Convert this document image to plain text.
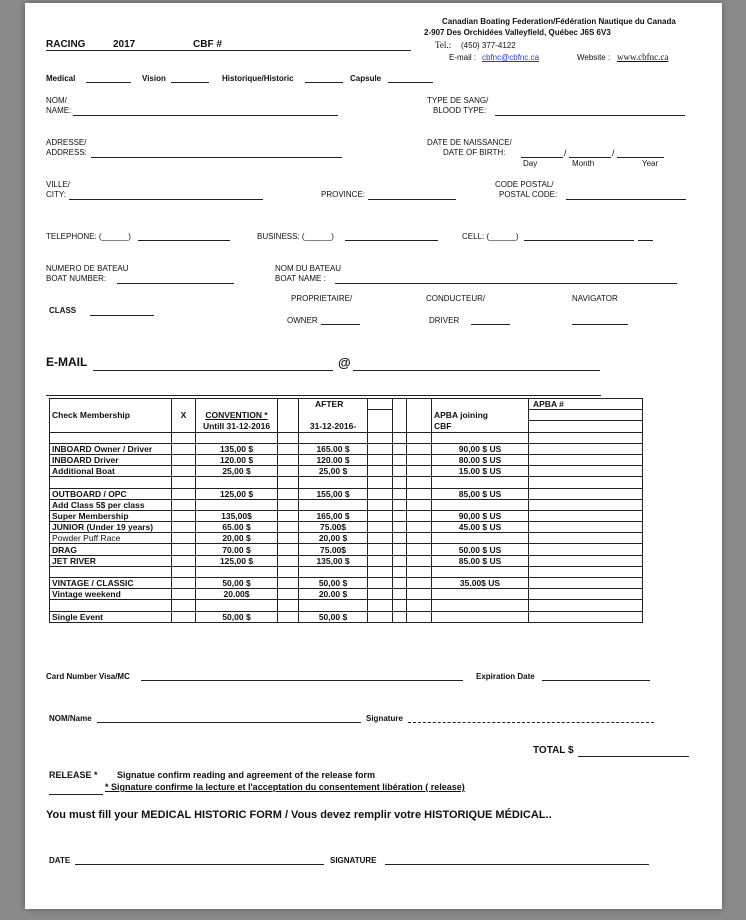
Canadian Boating Federation/Fédération Nautique du Canada
2-907 Des Orchidées Valleyfield, Québec J6S 6V3
Tel.: (450) 377-4122
E-mail : cbfnc@cbfnc.ca	Website : www.cbfnc.ca
RACING	2017	CBF #
Medical	Vision	Historique/Historic	Capsule
NOM/
NAME:
TYPE DE SANG/
BLOOD TYPE:
ADRESSE/
ADDRESS:
DATE DE NAISSANCE/
DATE OF BIRTH:	/	/
Day	Month	Year
VILLE/
CITY:	PROVINCE:
CODE POSTAL/
POSTAL CODE:
TELEPHONE: (______)	BUSINESS: (______)	CELL: (______)
NUMERO DE BATEAU
BOAT NUMBER:
NOM DU BATEAU
BOAT NAME :
PROPRIETAIRE/	CONDUCTEUR/	NAVIGATOR
CLASS
OWNER	DRIVER
E-MAIL	@
				AFTER					APBA #
Check Membership	X	CONVENTION *						APBA joining	
		Untill 31-12-2016		31-12-2016-				CBF	

INBOARD Owner / Driver		135,00 $		165.00 $				90,00 $ US	
INBOARD Driver		120.00 $		120.00 $				80.00 $ US	
Additional Boat		25,00 $		25,00 $				15.00 $ US	

OUTBOARD / OPC		125,00 $		155,00 $				85,00 $ US	
Add Class 5$ per class									
Super Membership		135,00$		165,00 $				90,00 $ US	
JUNIOR (Under 19 years)		65.00 $		75.00$				45.00 $ US	
Powder Puff Race		20,00 $		20,00 $					
DRAG		70.00 $		75.00$				50.00 $ US	
JET RIVER		125,00 $		135,00 $				85.00 $ US	

VINTAGE / CLASSIC		50,00 $		50,00 $				35.00$ US	
Vintage weekend		20.00$		20.00 $					

Single Event		50,00 $		50,00 $					
Card Number Visa/MC	Expiration Date
NOM/Name	Signature
TOTAL $
RELEASE * Signatue confirm reading and agreement of the release form
* Signature confirme la lecture et l'acceptation du consentement libération ( release)
You must fill your MEDICAL HISTORIC FORM / Vous devez remplir votre HISTORIQUE MÉDICAL..
DATE	SIGNATURE
